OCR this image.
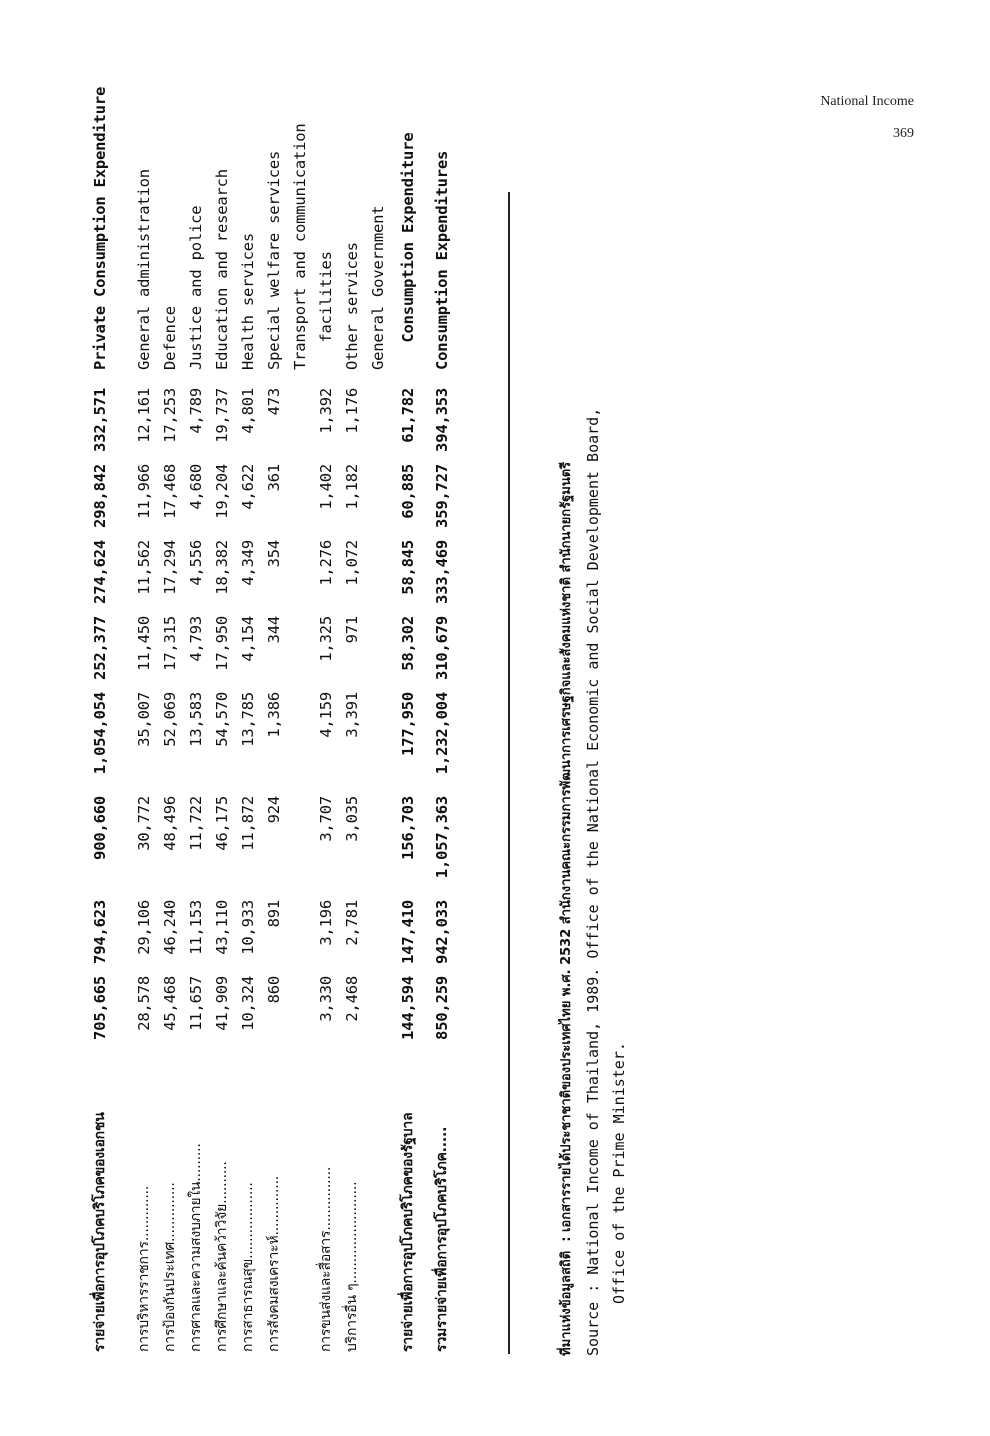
National Income
369
รายจ่ายเพื่อการอุปโภคบริโภคของเอกชน	705,665	794,623	900,660	1,054,054	252,377	274,624	298,842	332,571	Private Consumption Expenditure

การบริหารราชการ.............	28,578	29,106	30,772	35,007	11,450	11,562	11,966	12,161	General administration
การป้องกันประเทศ..............	45,468	46,240	48,496	52,069	17,315	17,294	17,468	17,253	Defence
การศาลและความสงบภายใน.........	11,657	11,153	11,722	13,583	4,793	4,556	4,680	4,789	Justice and police
การศึกษาและค้นคว้าวิจัย..........	41,909	43,110	46,175	54,570	17,950	18,382	19,204	19,737	Education and research
การสาธารณสุข..................	10,324	10,933	11,872	13,785	4,154	4,349	4,622	4,801	Health services
การสังคมสงเคราะห์..............	860	891	924	1,386	344	354	361	473	Special welfare services
									Transport and communication
การขนส่งและสื่อสาร...............	3,330	3,196	3,707	4,159	1,325	1,276	1,402	1,392	facilities
บริการอื่น ๆ........................	2,468	2,781	3,035	3,391	971	1,072	1,182	1,176	Other services
									General Government
รายจ่ายเพื่อการอุปโภคบริโภคของรัฐบาล	144,594	147,410	156,703	177,950	58,302	58,845	60,885	61,782	Consumption Expenditure
รวมรายจ่ายเพื่อการอุปโภคบริโภค.....	850,259	942,033	1,057,363	1,232,004	310,679	333,469	359,727	394,353	Consumption Expenditures
ที่มาแห่งข้อมูลสถิติ : เอกสารรายได้ประชาชาติของประเทศไทย พ.ศ. 2532 สำนักงานคณะกรรมการพัฒนาการเศรษฐกิจและสังคมแห่งชาติ สำนักนายกรัฐมนตรี
Source : National Income of Thailand, 1989. Office of the National Economic and Social Development Board, Office of the Prime Minister.
